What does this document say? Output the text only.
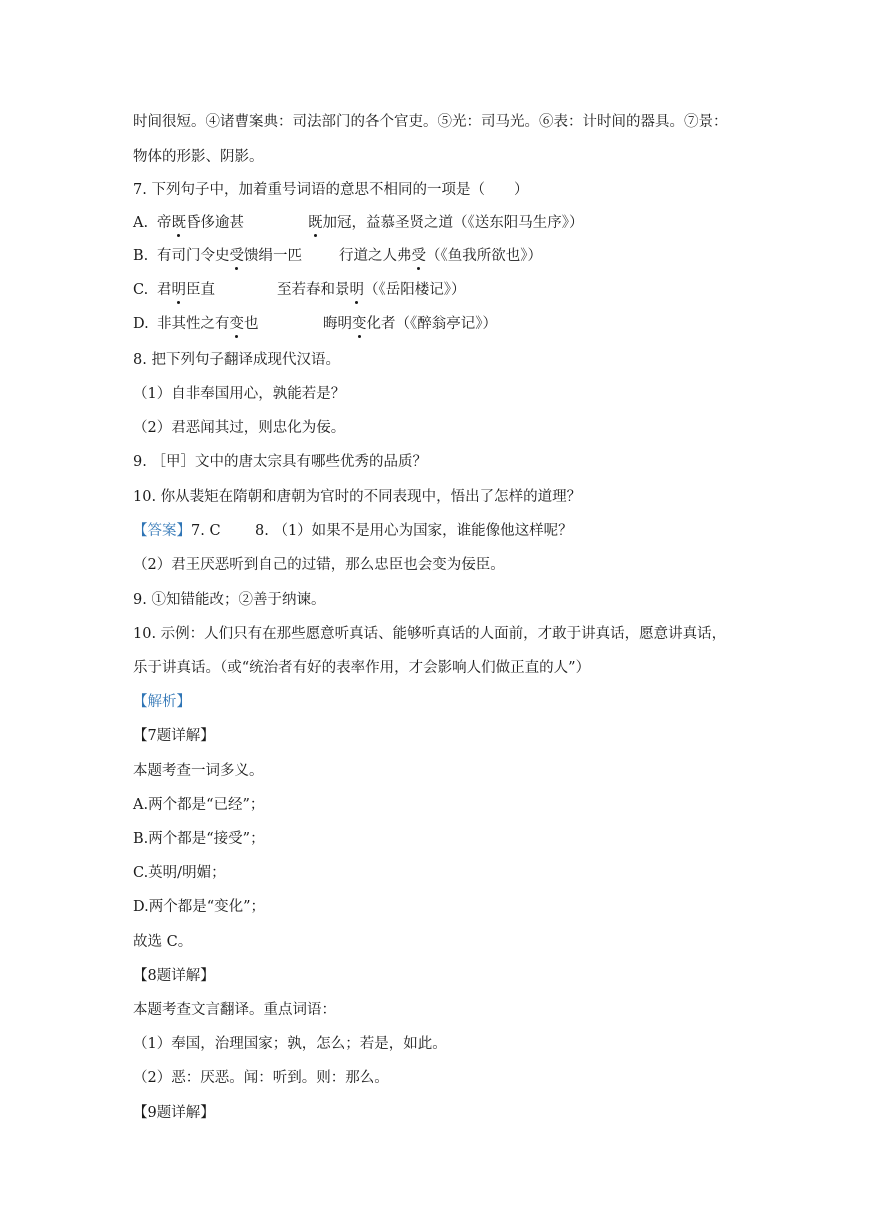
时间很短。④诸曹案典：司法部门的各个官吏。⑤光：司马光。⑥表：计时间的器具。⑦景：
物体的形影、阴影。
7. 下列句子中，加着重号词语的意思不相同的一项是（　　）
A. 帝既昏侈逾甚	既加冠，益慕圣贤之道（《送东阳马生序》）
B. 有司门令史受馈绢一匹	行道之人弗受（《鱼我所欲也》）
C. 君明臣直	至若春和景明（《岳阳楼记》）
D. 非其性之有变也	晦明变化者（《醉翁亭记》）
8. 把下列句子翻译成现代汉语。
（1）自非奉国用心，孰能若是？
（2）君恶闻其过，则忠化为佞。
9. ［甲］文中的唐太宗具有哪些优秀的品质？
10. 你从裴矩在隋朝和唐朝为官时的不同表现中，悟出了怎样的道理？
【答案】 7. C 8. （1）如果不是用心为国家，谁能像他这样呢？
（2）君王厌恶听到自己的过错，那么忠臣也会变为佞臣。
9. ①知错能改；②善于纳谏。
10. 示例：人们只有在那些愿意听真话、能够听真话的人面前，才敢于讲真话，愿意讲真话，
乐于讲真话。（或“统治者有好的表率作用，才会影响人们做正直的人”）
【解析】
【7题详解】
本题考查一词多义。
A.两个都是“已经”；
B.两个都是“接受”；
C.英明/明媚；
D.两个都是“变化”；
故选 C。
【8题详解】
本题考查文言翻译。重点词语：
（1）奉国，治理国家；孰，怎么；若是，如此。
（2）恶：厌恶。闻：听到。则：那么。
【9题详解】
